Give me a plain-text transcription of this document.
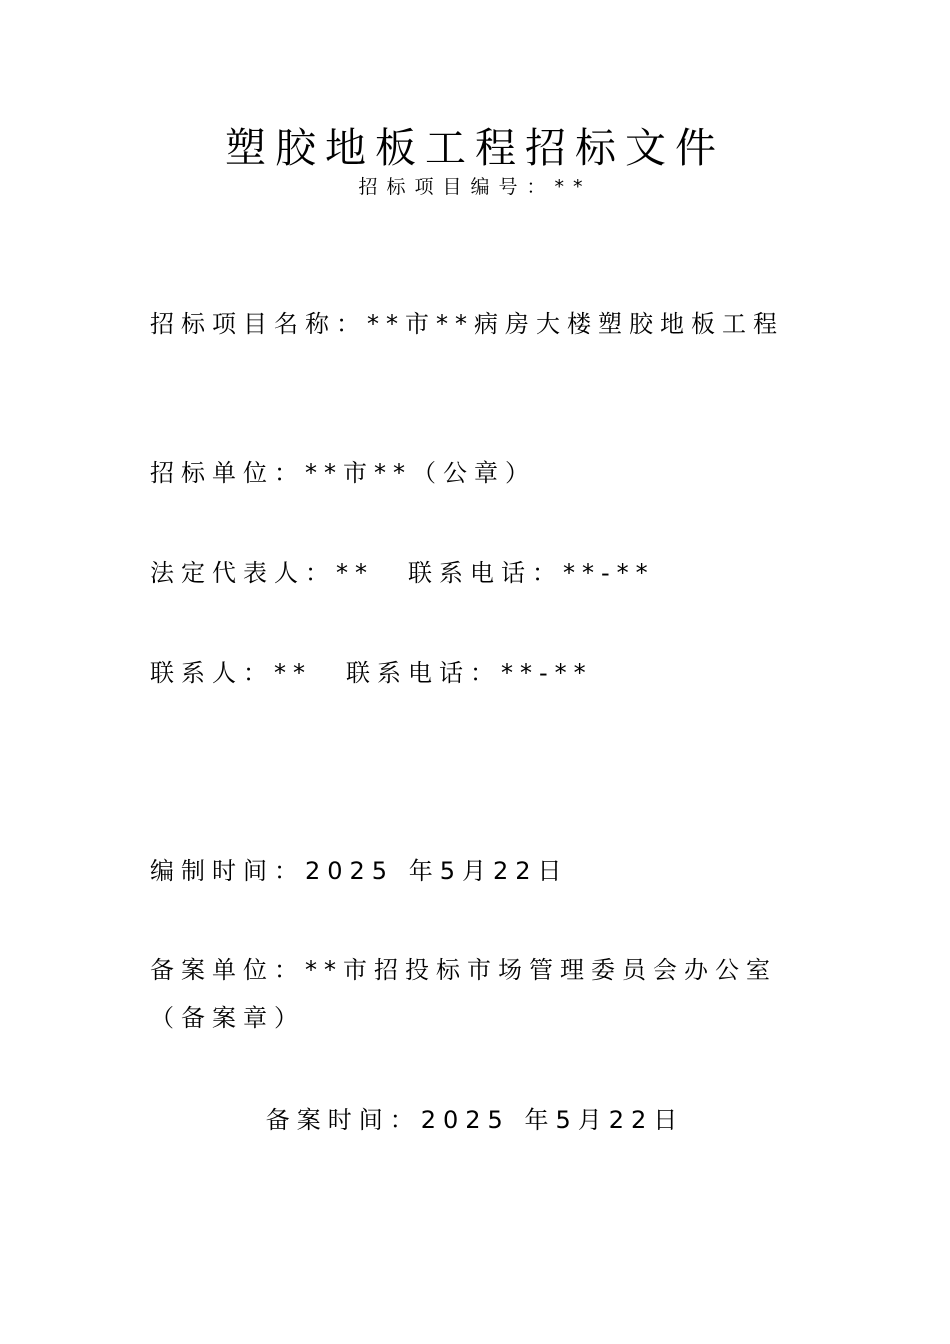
塑胶地板工程招标文件
招标项目编号：**
招标项目名称：**市**病房大楼塑胶地板工程
招标单位：**市**（公章）
法定代表人：** 联系电话：**-**
联系人：** 联系电话：**-**
编制时间：2025 年5月22日
备案单位：**市招投标市场管理委员会办公室（备案章）
备案时间：2025 年5月22日
